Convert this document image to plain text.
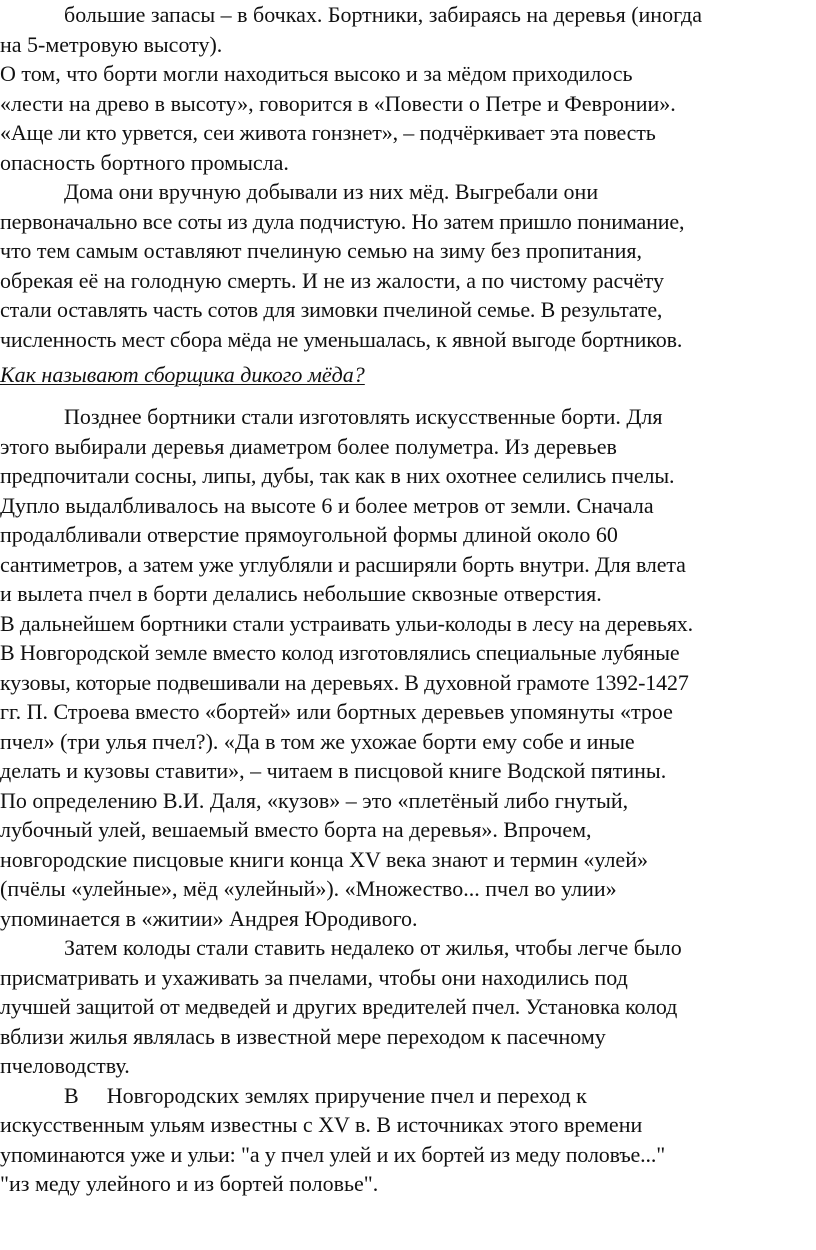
большие запасы – в бочках. Бортники, забираясь на деревья (иногда
на 5-метровую высоту).
О том, что борти могли находиться высоко и за мёдом приходилось
«лести на древо в высоту», говорится в «Повести о Петре и Февронии».
«Аще ли кто урвется, сеи живота гонзнет», – подчёркивает эта повесть
опасность бортного промысла.
Дома они вручную добывали из них мёд. Выгребали они
первоначально все соты из дула подчистую. Но затем пришло понимание,
что тем самым оставляют пчелиную семью на зиму без пропитания,
обрекая её на голодную смерть. И не из жалости, а по чистому расчёту
стали оставлять часть сотов для зимовки пчелиной семье. В результате,
численность мест сбора мёда не уменьшалась, к явной выгоде бортников.
Как называют сборщика дикого мёда?
Позднее бортники стали изготовлять искусственные борти. Для
этого выбирали деревья диаметром более полуметра. Из деревьев
предпочитали сосны, липы, дубы, так как в них охотнее селились пчелы.
Дупло выдалбливалось на высоте 6 и более метров от земли. Сначала
продалбливали отверстие прямоугольной формы длиной около 60
сантиметров, а затем уже углубляли и расширяли борть внутри. Для влета
и вылета пчел в борти делались небольшие сквозные отверстия.
В дальнейшем бортники стали устраивать ульи-колоды в лесу на деревьях.
В Новгородской земле вместо колод изготовлялись специальные лубяные
кузовы, которые подвешивали на деревьях. В духовной грамоте 1392-1427
гг. П. Строева вместо «бортей» или бортных деревьев упомянуты «трое
пчел» (три улья пчел?). «Да в том же ухожае борти ему собе и иные
делать и кузовы ставити», – читаем в писцовой книге Водской пятины.
По определению В.И. Даля, «кузов» – это «плетёный либо гнутый,
лубочный улей, вешаемый вместо борта на деревья». Впрочем,
новгородские писцовые книги конца XV века знают и термин «улей»
(пчёлы «улейные», мёд «улейный»). «Множество... пчел во улии»
упоминается в «житии» Андрея Юродивого.
Затем колоды стали ставить недалеко от жилья, чтобы легче было
присматривать и ухаживать за пчелами, чтобы они находились под
лучшей защитой от медведей и других вредителей пчел. Установка колод
вблизи жилья являлась в известной мере переходом к пасечному
пчеловодству.
В Новгородских землях приручение пчел и переход к
искусственным ульям известны с XV в. В источниках этого времени
упоминаются уже и ульи: "а у пчел улей и их бортей из меду половъе..."
"из меду улейного и из бортей половье".
